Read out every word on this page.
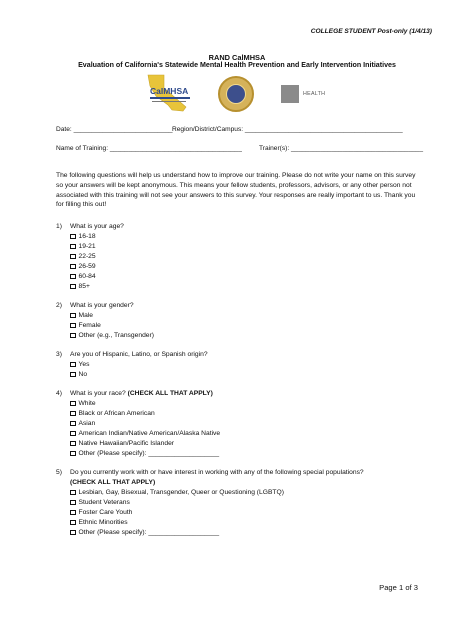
COLLEGE STUDENT Post-only (1/4/13)
RAND CalMHSA
Evaluation of California's Statewide Mental Health Prevention and Early Intervention Initiatives
CalMHSA	HEALTH
Date: ___________________________ Region/District/Campus: ___________________________________________
Name of Training: ____________________________________	Trainer(s): ____________________________________
The following questions will help us understand how to improve our training. Please do not write your name on this survey so your answers will be kept anonymous. This means your fellow students, professors, advisors, or any other person not associated with this training will not see your answers to this survey. Your responses are really important to us. Thank you for filling this out!
1) What is your age?
16-18
19-21
22-25
26-59
60-84
85+
2) What is your gender?
Male
Female
Other (e.g., Transgender)
3) Are you of Hispanic, Latino, or Spanish origin?
Yes
No
4) What is your race? (CHECK ALL THAT APPLY)
White
Black or African American
Asian
American Indian/Native American/Alaska Native
Native Hawaiian/Pacific Islander
Other (Please specify): ___________________
5) Do you currently work with or have interest in working with any of the following special populations?
(CHECK ALL THAT APPLY)
Lesbian, Gay, Bisexual, Transgender, Queer or Questioning (LGBTQ)
Student Veterans
Foster Care Youth
Ethnic Minorities
Other (Please specify): ___________________
Page 1 of 3
